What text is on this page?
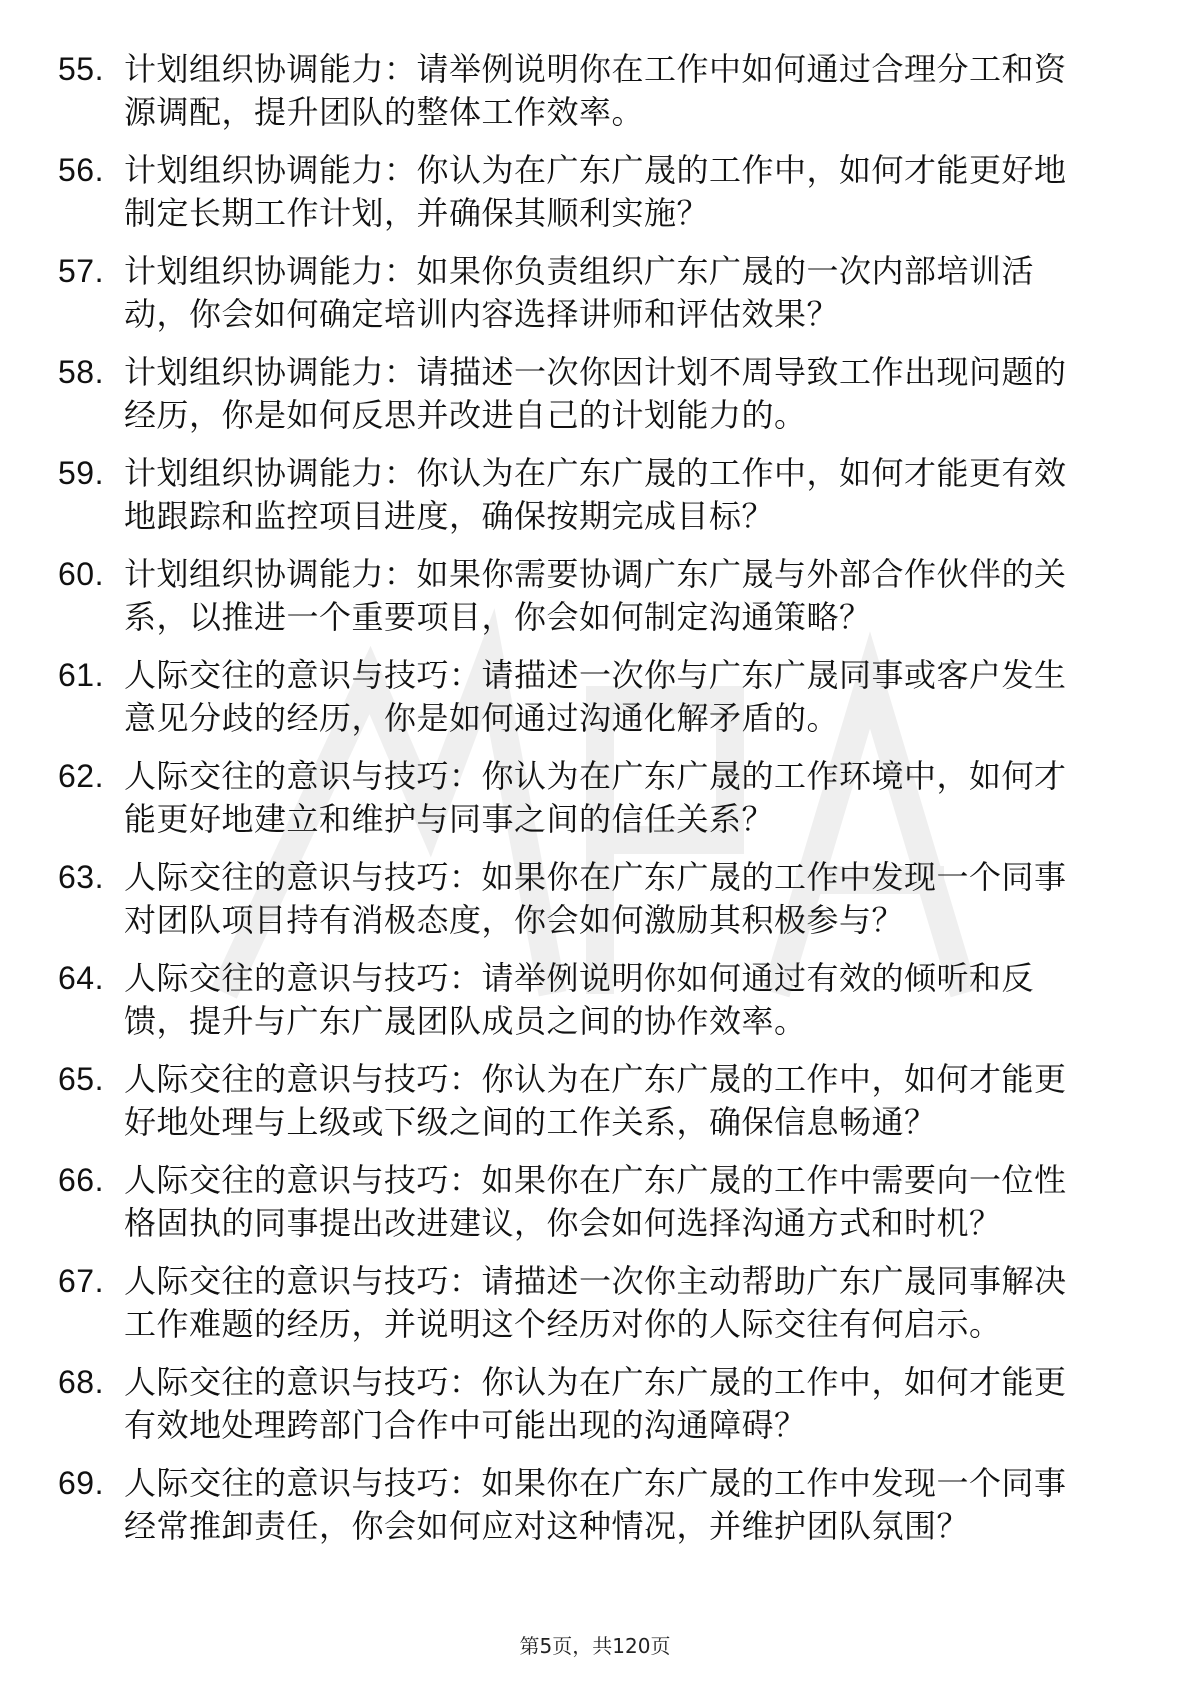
55. 计划组织协调能力：请举例说明你在工作中如何通过合理分工和资源调配，提升团队的整体工作效率。
56. 计划组织协调能力：你认为在广东广晟的工作中，如何才能更好地制定长期工作计划，并确保其顺利实施？
57. 计划组织协调能力：如果你负责组织广东广晟的一次内部培训活动，你会如何确定培训内容选择讲师和评估效果？
58. 计划组织协调能力：请描述一次你因计划不周导致工作出现问题的经历，你是如何反思并改进自己的计划能力的。
59. 计划组织协调能力：你认为在广东广晟的工作中，如何才能更有效地跟踪和监控项目进度，确保按期完成目标？
60. 计划组织协调能力：如果你需要协调广东广晟与外部合作伙伴的关系，以推进一个重要项目，你会如何制定沟通策略？
61. 人际交往的意识与技巧：请描述一次你与广东广晟同事或客户发生意见分歧的经历，你是如何通过沟通化解矛盾的。
62. 人际交往的意识与技巧：你认为在广东广晟的工作环境中，如何才能更好地建立和维护与同事之间的信任关系？
63. 人际交往的意识与技巧：如果你在广东广晟的工作中发现一个同事对团队项目持有消极态度，你会如何激励其积极参与？
64. 人际交往的意识与技巧：请举例说明你如何通过有效的倾听和反馈，提升与广东广晟团队成员之间的协作效率。
65. 人际交往的意识与技巧：你认为在广东广晟的工作中，如何才能更好地处理与上级或下级之间的工作关系，确保信息畅通？
66. 人际交往的意识与技巧：如果你在广东广晟的工作中需要向一位性格固执的同事提出改进建议，你会如何选择沟通方式和时机？
67. 人际交往的意识与技巧：请描述一次你主动帮助广东广晟同事解决工作难题的经历，并说明这个经历对你的人际交往有何启示。
68. 人际交往的意识与技巧：你认为在广东广晟的工作中，如何才能更有效地处理跨部门合作中可能出现的沟通障碍？
69. 人际交往的意识与技巧：如果你在广东广晟的工作中发现一个同事经常推卸责任，你会如何应对这种情况，并维护团队氛围？
第5页，共120页
